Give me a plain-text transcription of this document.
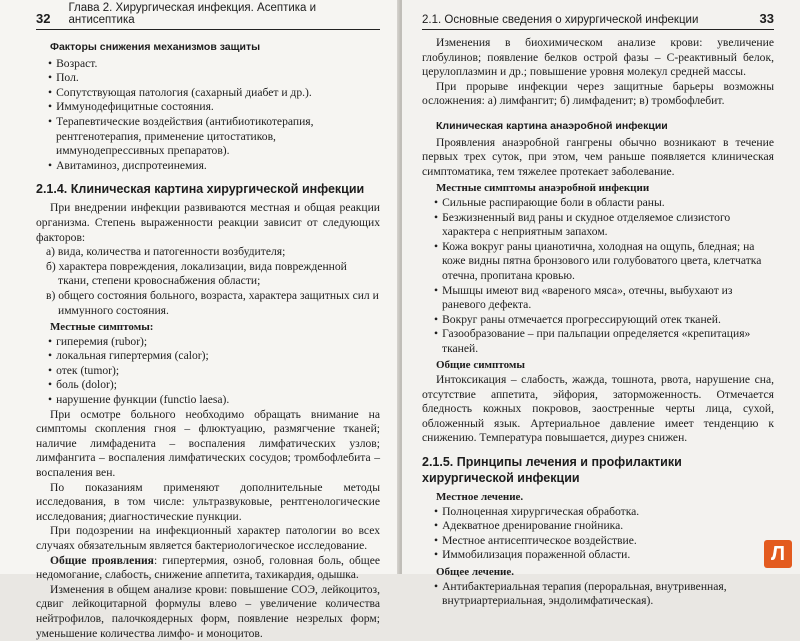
32
Глава 2. Хирургическая инфекция. Асептика и антисептика
Факторы снижения механизмов защиты
• Возраст.
• Пол.
• Сопутствующая патология (сахарный диабет и др.).
• Иммунодефицитные состояния.
• Терапевтические воздействия (антибиотикотерапия, рентгенотерапия, применение цитостатиков, иммунодепрессивных препаратов).
• Авитаминоз, диспротеинемия.
2.1.4. Клиническая картина хирургической инфекции

При внедрении инфекции развиваются местная и общая реакции организма. Степень выраженности реакции зависит от следующих факторов:

а) вида, количества и патогенности возбудителя;
б) характера повреждения, локализации, вида поврежденной ткани, степени кровоснабжения области;
в) общего состояния больного, возраста, характера защитных сил и иммунного состояния.
Местные симптомы:
• гиперемия (rubor);
• локальная гипертермия (calor);
• отек (tumor);
• боль (dolor);
• нарушение функции (functio laesa).

При осмотре больного необходимо обращать внимание на симптомы скопления гноя – флюктуацию, размягчение тканей; наличие лимфаденита – воспаления лимфатических узлов; лимфангита – воспаления лимфатических сосудов; тромбофлебита – воспаления вен.

По показаниям применяют дополнительные методы исследования, в том числе: ультразвуковые, рентгенологические исследования; диагностические пункции.

При подозрении на инфекционный характер патологии во всех случаях обязательным является бактериологическое исследование.

Общие проявления: гипертермия, озноб, головная боль, общее недомогание, слабость, снижение аппетита, тахикардия, одышка.

Изменения в общем анализе крови: повышение СОЭ, лейкоцитоз, сдвиг лейкоцитарной формулы влево – увеличение количества нейтрофилов, палочкоядерных форм, появление незрелых форм; уменьшение количества лимфо- и моноцитов.

2.1. Основные сведения о хирургической инфекции	33

Изменения в биохимическом анализе крови: увеличение глобулинов; появление белков острой фазы – С-реактивный белок, церулоплазмин и др.; повышение уровня молекул средней массы.

При прорыве инфекции через защитные барьеры возможны осложнения: а) лимфангит; б) лимфаденит; в) тромбофлебит.

Клиническая картина анаэробной инфекции

Проявления анаэробной гангрены обычно возникают в течение первых трех суток, при этом, чем раньше появляется клиническая симптоматика, тем тяжелее протекает заболевание.

Местные симптомы анаэробной инфекции
• Сильные распирающие боли в области раны.
• Безжизненный вид раны и скудное отделяемое слизистого характера с неприятным запахом.
• Кожа вокруг раны цианотична, холодная на ощупь, бледная; на коже видны пятна бронзового или голубоватого цвета, клетчатка отечна, пропитана кровью.
• Мышцы имеют вид «вареного мяса», отечны, выбухают из раневого дефекта.
• Вокруг раны отмечается прогрессирующий отек тканей.
• Газообразование – при пальпации определяется «крепитация» тканей.
Общие симптомы

Интоксикация – слабость, жажда, тошнота, рвота, нарушение сна, отсутствие аппетита, эйфория, заторможенность. Отмечается бледность кожных покровов, заостренные черты лица, сухой, обложенный язык. Артериальное давление имеет тенденцию к снижению. Температура повышается, диурез снижен.

2.1.5. Принципы лечения и профилактики хирургической инфекции
Местное лечение.
• Полноценная хирургическая обработка.
• Адекватное дренирование гнойника.
• Местное антисептическое воздействие.
• Иммобилизация пораженной области.
Общее лечение.
• Антибактериальная терапия (пероральная, внутривенная, внутриартериальная, эндолимфатическая).
Л
